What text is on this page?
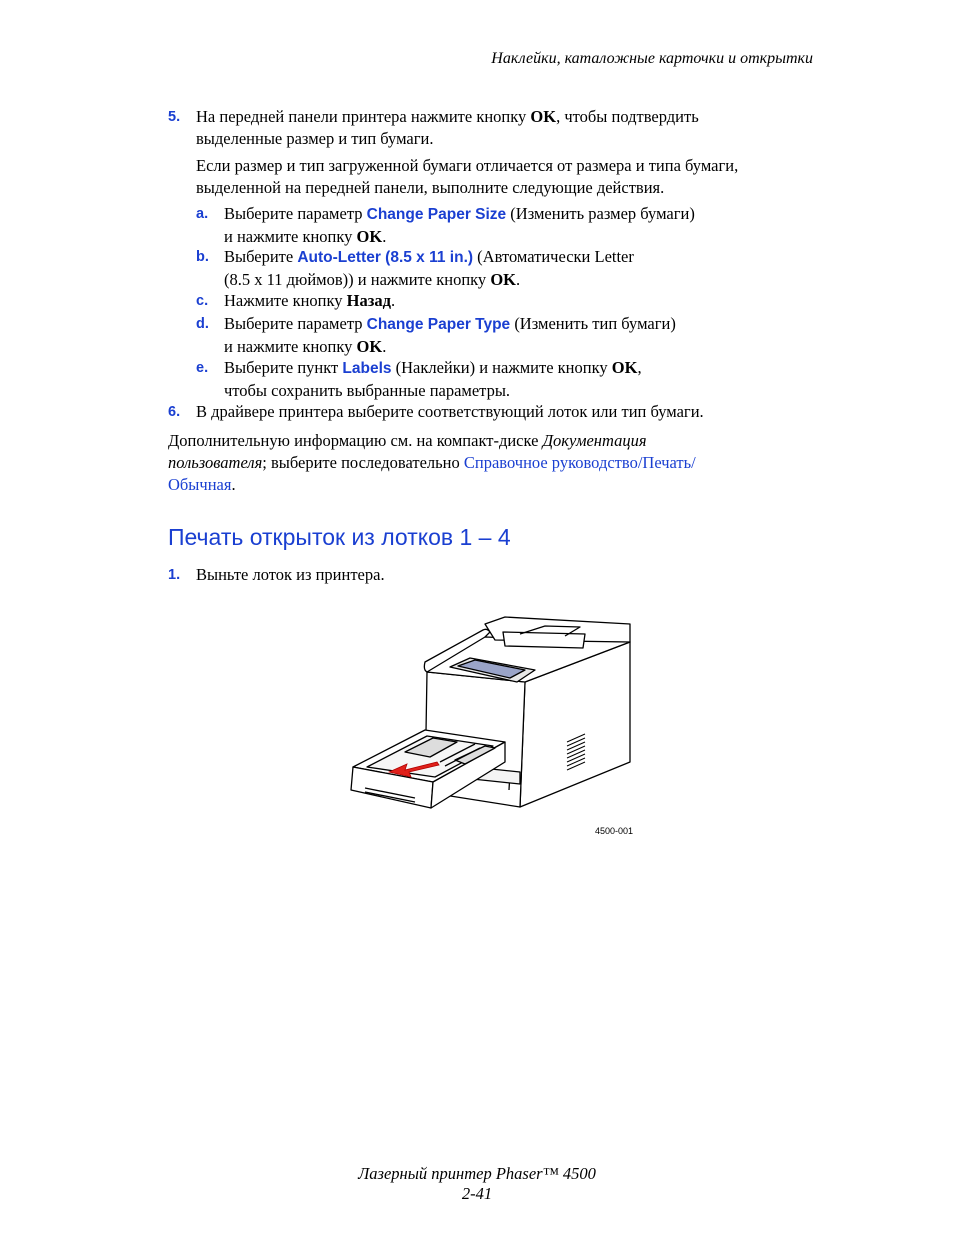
Наклейки, каталожные карточки и открытки
5. На передней панели принтера нажмите кнопку OK, чтобы подтвердить
выделенные размер и тип бумаги.
Если размер и тип загруженной бумаги отличается от размера и типа бумаги,
выделенной на передней панели, выполните следующие действия.
a. Выберите параметр Change Paper Size (Изменить размер бумаги)
и нажмите кнопку OK.
b. Выберите Auto-Letter (8.5 x 11 in.) (Автоматически Letter
(8.5 x 11 дюймов)) и нажмите кнопку OK.
c. Нажмите кнопку Назад.
d. Выберите параметр Change Paper Type (Изменить тип бумаги)
и нажмите кнопку OK.
e. Выберите пункт Labels (Наклейки) и нажмите кнопку OK,
чтобы сохранить выбранные параметры.
6. В драйвере принтера выберите соответствующий лоток или тип бумаги.
Дополнительную информацию см. на компакт-диске Документация
пользователя; выберите последовательно Справочное руководство/Печать/
Обычная.
Печать открыток из лотков 1 – 4
1. Выньте лоток из принтера.
4500-001
Лазерный принтер Phaser™ 4500
2-41
